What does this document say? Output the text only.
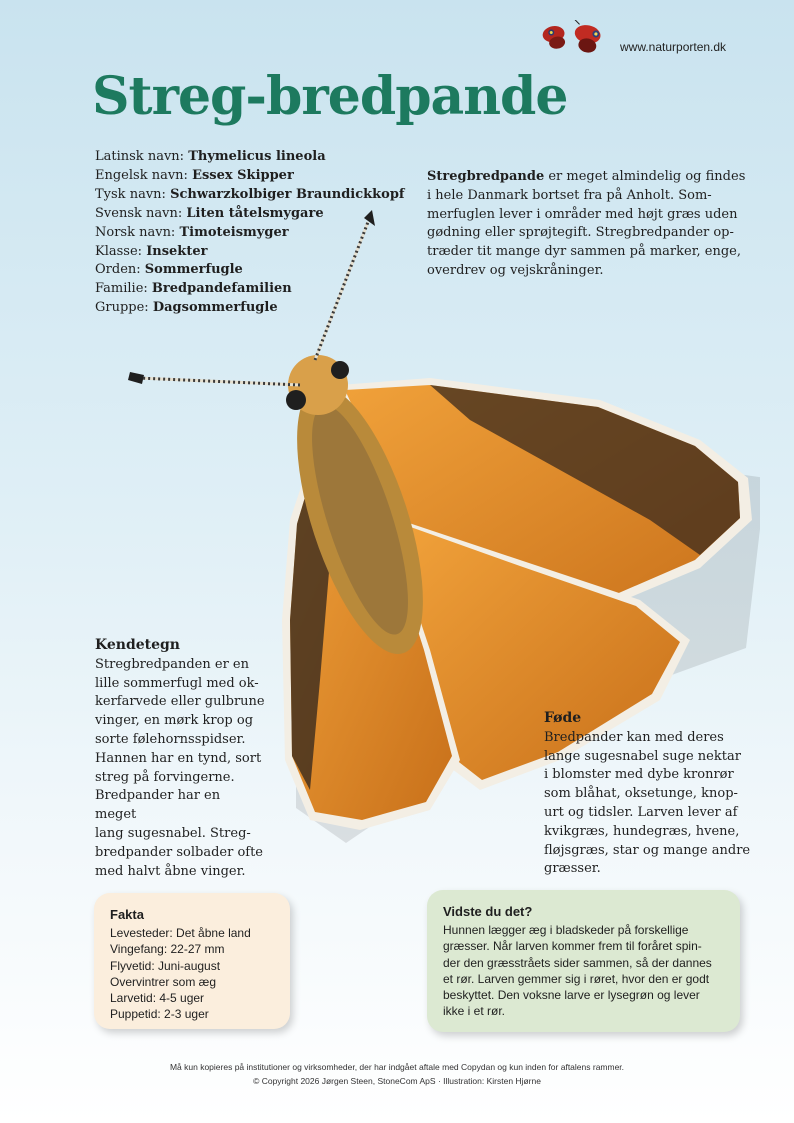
www.naturporten.dk
Streg-bredpande
Latinsk navn: Thymelicus lineola
Engelsk navn: Essex Skipper
Tysk navn: Schwarzkolbiger Braundickkopf
Svensk navn: Liten tåtelsmygare
Norsk navn: Timoteismyger
Klasse: Insekter
Orden: Sommerfugle
Familie: Bredpandefamilien
Gruppe: Dagsommerfugle
Stregbredpande er meget almindelig og findes
i hele Danmark bortset fra på Anholt. Som-
merfuglen lever i områder med højt græs uden
gødning eller sprøjtegift. Stregbredpander op-
træder tit mange dyr sammen på marker, enge,
overdrev og vejskråninger.
Kendetegn
Stregbredpanden er en
lille sommerfugl med ok-
kerfarvede eller gulbrune
vinger, en mørk krop og
sorte følehornsspidser.
Hannen har en tynd, sort
streg på forvingerne.
Bredpander har en meget
lang sugesnabel. Streg-
bredpander solbader ofte
med halvt åbne vinger.
Føde
Bredpander kan med deres
lange sugesnabel suge nektar
i blomster med dybe kronrør
som blåhat, oksetunge, knop-
urt og tidsler. Larven lever af
kvikgræs, hundegræs, hvene,
fløjsgræs, star og mange andre
græsser.
Fakta
Levesteder: Det åbne land
Vingefang: 22-27 mm
Flyvetid: Juni-august
Overvintrer som æg
Larvetid: 4-5 uger
Puppetid: 2-3 uger
Vidste du det?
Hunnen lægger æg i bladskeder på forskellige
græsser. Når larven kommer frem til foråret spin-
der den græsstråets sider sammen, så der dannes
et rør. Larven gemmer sig i røret, hvor den er godt
beskyttet. Den voksne larve er lysegrøn og lever
ikke i et rør.
Må kun kopieres på institutioner og virksomheder, der har indgået aftale med Copydan og kun inden for aftalens rammer.
© Copyright 2026 Jørgen Steen, StoneCom ApS · Illustration: Kirsten Hjørne
